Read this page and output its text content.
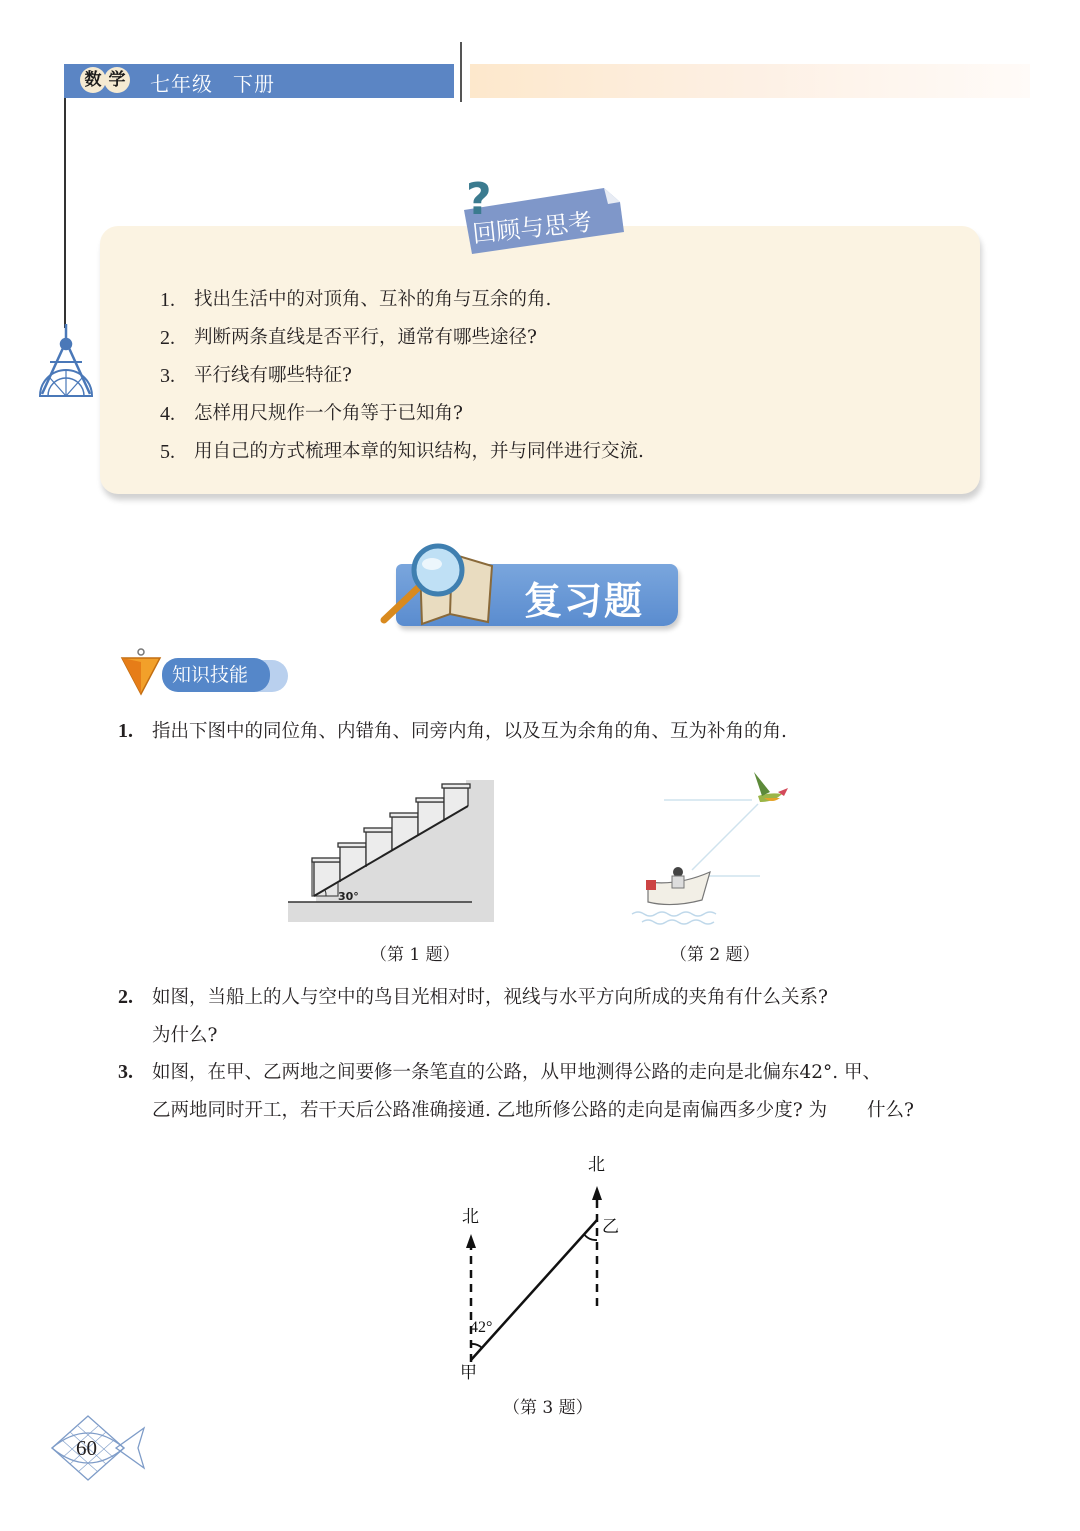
数 学 七年级 下册
?
回顾与思考
1.	找出生活中的对顶角、互补的角与互余的角.
2.	判断两条直线是否平行，通常有哪些途径?
3.	平行线有哪些特征?
4.	怎样用尺规作一个角等于已知角?
5.	用自己的方式梳理本章的知识结构，并与同伴进行交流.
复习题
知识技能
1. 指出下图中的同位角、内错角、同旁内角，以及互为余角的角、互为补角的角.
30°
（第 1 题）	（第 2 题）
2. 如图，当船上的人与空中的鸟目光相对时，视线与水平方向所成的夹角有什么关系?
为什么?
3. 如图，在甲、乙两地之间要修一条笔直的公路，从甲地测得公路的走向是北偏东42°. 甲、
乙两地同时开工，若干天后公路准确接通. 乙地所修公路的走向是南偏西多少度? 为 什么?
北
北
乙
甲
42°
（第 3 题）
60
